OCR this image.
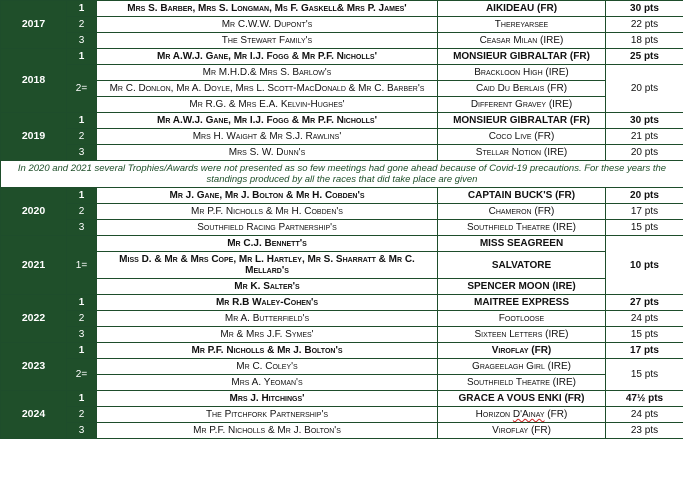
2017	1	Mrs S. Barber, Mrs S. Longman, Ms F. Gaskell& Mrs P. James'	AIKIDEAU (FR)	30 pts
	2	Mr C.W.W. Dupont's	Thereyarsee	22 pts
	3	The Stewart Family's	Ceasar Milan (IRE)	18 pts
2018	1	Mr A.W.J. Gane, Mr I.J. Fogg & Mr P.F. Nicholls'	MONSIEUR GIBRALTAR (FR)	25 pts
	2=	Mr M.H.D.& Mrs S. Barlow's	Brackloon High (IRE)	20 pts
		Mr C. Donlon, Mr A. Doyle, Mrs L. Scott-MacDonald & Mr C. Barber's	Caid Du Berlais (FR)	
		Mr R.G. & Mrs E.A. Kelvin-Hughes'	Different Gravey (IRE)	
2019	1	Mr A.W.J. Gane, Mr I.J. Fogg & Mr P.F. Nicholls'	MONSIEUR GIBRALTAR (FR)	30 pts
	2	Mrs H. Waight & Mr S.J. Rawlins'	Coco Live (FR)	21 pts
	3	Mrs S. W. Dunn's	Stellar Notion (IRE)	20 pts
In 2020 and 2021 several Trophies/Awards were not presented as so few meetings had gone ahead because of Covid-19 precautions. For these years the standings produced by all the races that did take place are given				
2020	1	Mr J. Gane, Mr J. Bolton & Mr H. Cobden's	CAPTAIN BUCK'S (FR)	20 pts
	2	Mr P.F. Nicholls & Mr H. Cobden's	Chameron (FR)	17 pts
	3	Southfield Racing Partnership's	Southfield Theatre (IRE)	15 pts
2021	1=	Mr C.J. Bennett's	MISS SEAGREEN	10 pts
		Miss D. & Mr & Mrs Cope, Mr L. Hartley, Mr S. Sharratt & Mr C. Mellard's	SALVATORE	
		Mr K. Salter's	SPENCER MOON (IRE)	
2022	1	Mr R.B Waley-Cohen's	MAITREE EXPRESS	27 pts
	2	Mr A. Butterfield's	Footloose	24 pts
	3	Mr & Mrs J.F. Symes'	Sixteen Letters (IRE)	15 pts
2023	1	Mr P.F. Nicholls & Mr J. Bolton's	Viroflay (FR)	17 pts
	2=	Mr C. Coley's	Grageelagh Girl (IRE)	15 pts
		Mrs A. Yeoman's	Southfield Theatre (IRE)	
2024	1	Mrs J. Hitchings'	GRACE A VOUS ENKI (FR)	47½ pts
	2	The Pitchfork Partnership's	Horizon D'Ainay (FR)	24 pts
	3	Mr P.F. Nicholls & Mr J. Bolton's	Viroflay (FR)	23 pts
